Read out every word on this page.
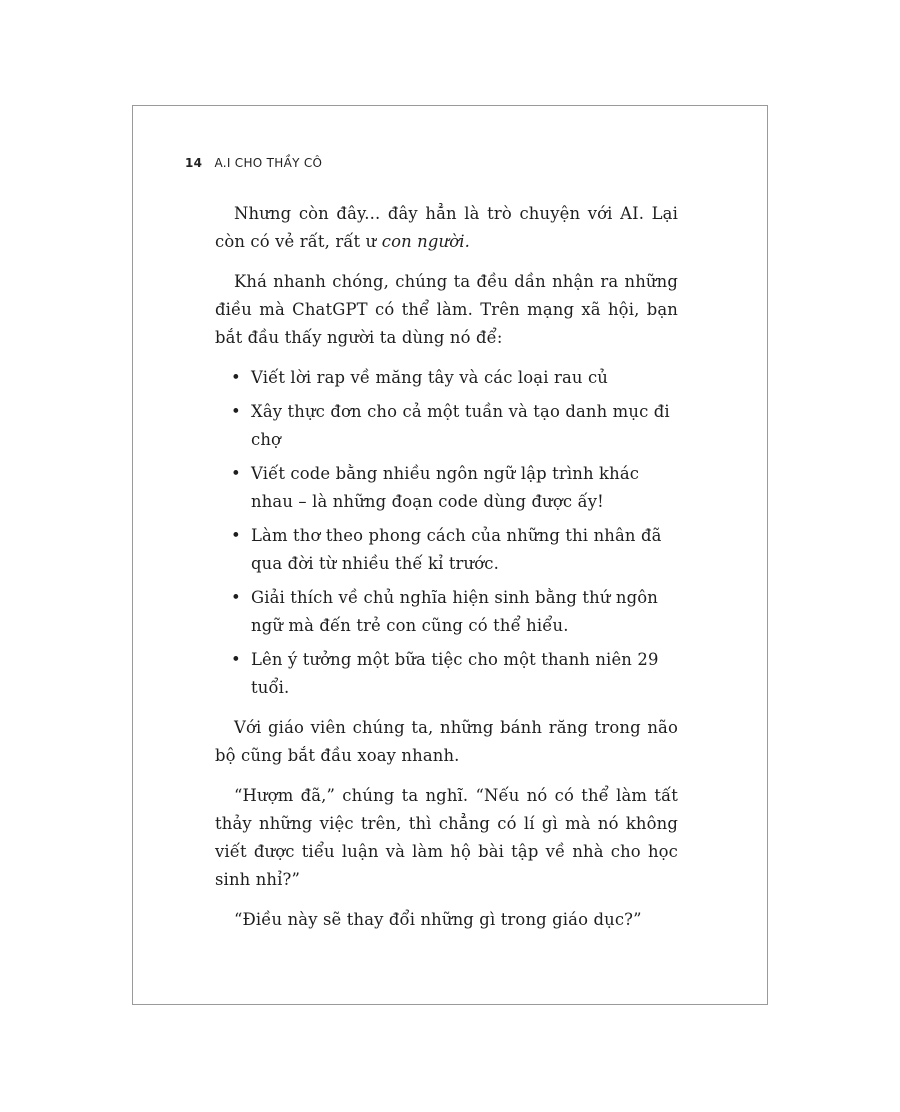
14 A.I CHO THẦY CÔ

Nhưng còn đây... đây hẳn là trò chuyện với AI. Lại còn có vẻ rất, rất ư con người.

Khá nhanh chóng, chúng ta đều dần nhận ra những điều mà ChatGPT có thể làm. Trên mạng xã hội, bạn bắt đầu thấy người ta dùng nó để:

• Viết lời rap về măng tây và các loại rau củ
• Xây thực đơn cho cả một tuần và tạo danh mục đi chợ
• Viết code bằng nhiều ngôn ngữ lập trình khác nhau – là những đoạn code dùng được ấy!
• Làm thơ theo phong cách của những thi nhân đã qua đời từ nhiều thế kỉ trước.
• Giải thích về chủ nghĩa hiện sinh bằng thứ ngôn ngữ mà đến trẻ con cũng có thể hiểu.
• Lên ý tưởng một bữa tiệc cho một thanh niên 29 tuổi.

Với giáo viên chúng ta, những bánh răng trong não bộ cũng bắt đầu xoay nhanh.

“Hượm đã,” chúng ta nghĩ. “Nếu nó có thể làm tất thảy những việc trên, thì chẳng có lí gì mà nó không viết được tiểu luận và làm hộ bài tập về nhà cho học sinh nhỉ?”

“Điều này sẽ thay đổi những gì trong giáo dục?”
